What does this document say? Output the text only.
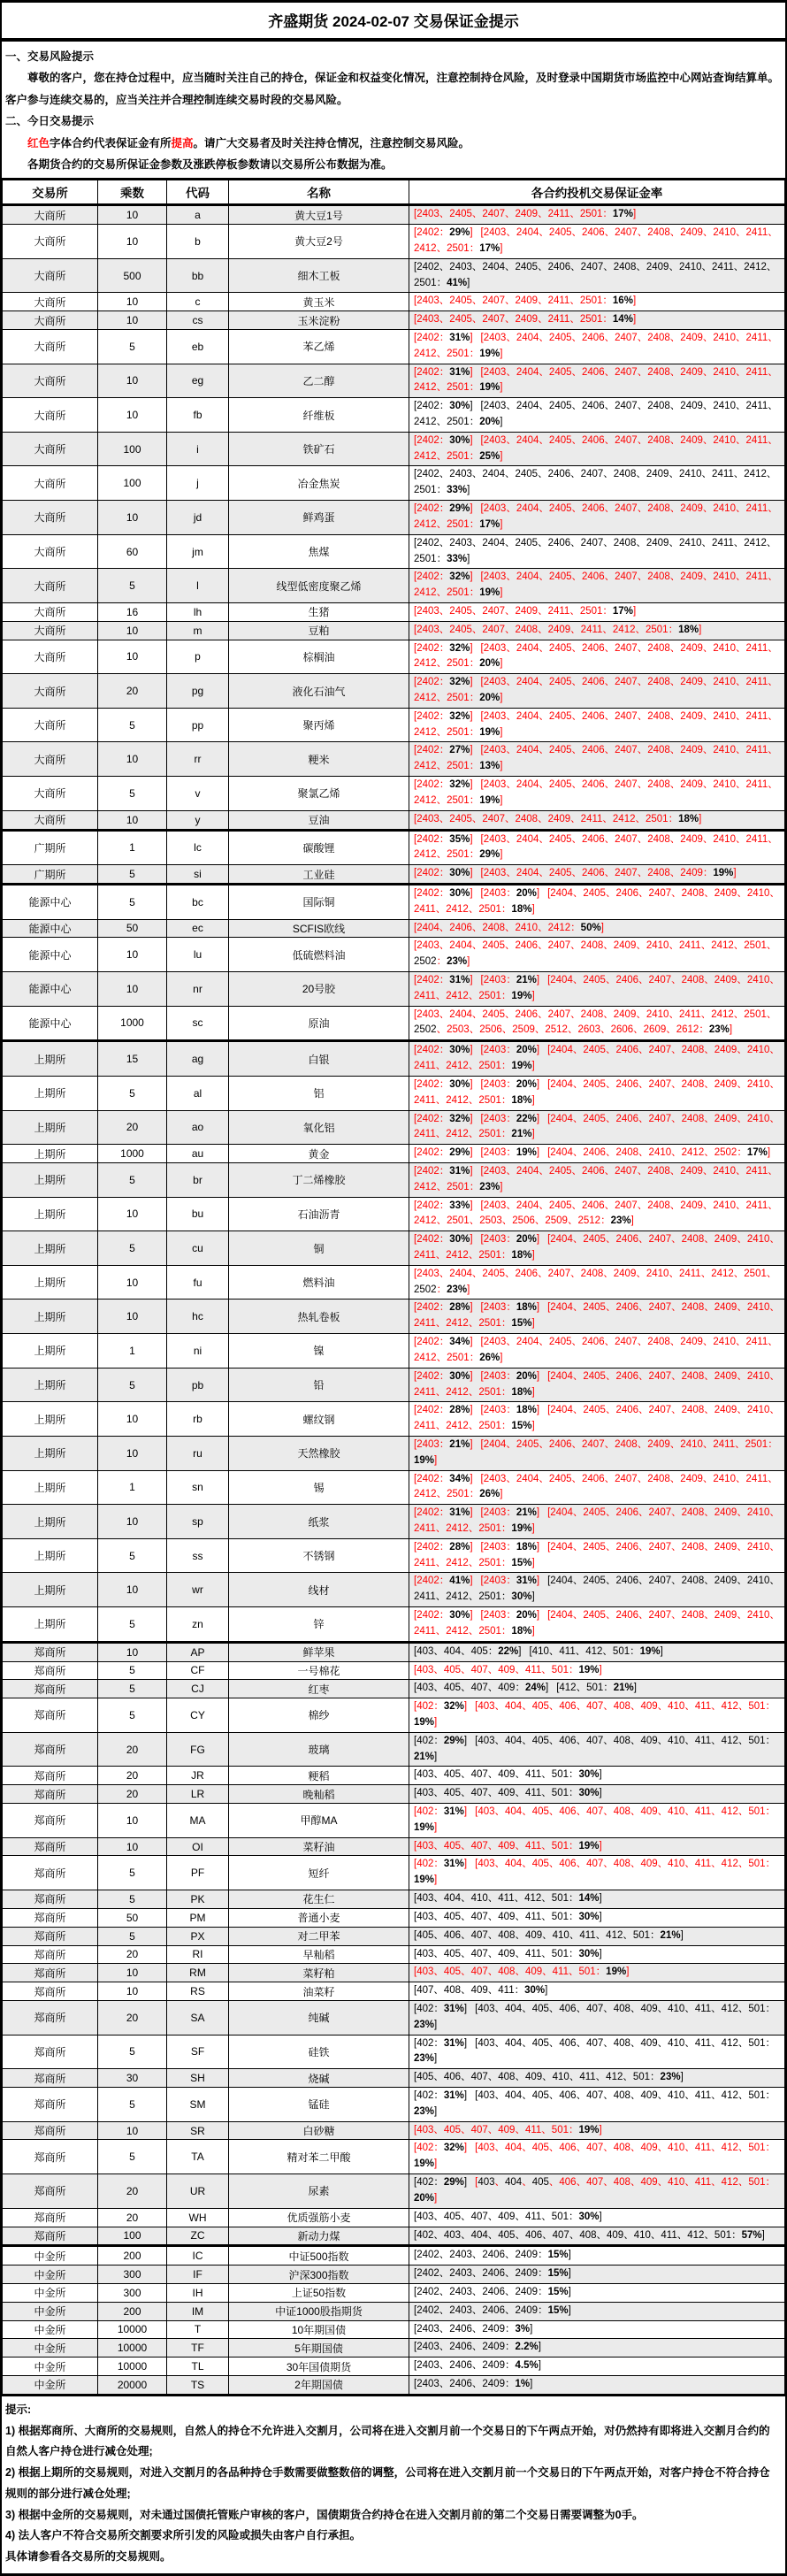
齐盛期货 2024-02-07 交易保证金提示

一、交易风险提示

尊敬的客户，您在持仓过程中，应当随时关注自己的持仓，保证金和权益变化情况，注意控制持仓风险，及时登录中国期货市场监控中心网站查询结算单。客户参与连续交易的，应当关注并合理控制连续交易时段的交易风险。

二、今日交易提示

红色字体合约代表保证金有所提高。请广大交易者及时关注持仓情况，注意控制交易风险。

各期货合约的交易所保证金参数及涨跌停板参数请以交易所公布数据为准。

交易所	乘数	代码	名称	各合约投机交易保证金率
大商所	10	a	黄大豆1号	[2403、2405、2407、2409、2411、2501：17%]
大商所	10	b	黄大豆2号	[2402：29%] [2403、2404、2405、2406、2407、2408、2409、2410、2411、2412、2501：17%]
大商所	500	bb	细木工板	[2402、2403、2404、2405、2406、2407、2408、2409、2410、2411、2412、2501：41%]
大商所	10	c	黄玉米	[2403、2405、2407、2409、2411、2501：16%]
大商所	10	cs	玉米淀粉	[2403、2405、2407、2409、2411、2501：14%]
大商所	5	eb	苯乙烯	[2402：31%] [2403、2404、2405、2406、2407、2408、2409、2410、2411、2412、2501：19%]
大商所	10	eg	乙二醇	[2402：31%] [2403、2404、2405、2406、2407、2408、2409、2410、2411、2412、2501：19%]
大商所	10	fb	纤维板	[2402：30%] [2403、2404、2405、2406、2407、2408、2409、2410、2411、2412、2501：20%]
大商所	100	i	铁矿石	[2402：30%] [2403、2404、2405、2406、2407、2408、2409、2410、2411、2412、2501：25%]
大商所	100	j	冶金焦炭	[2402、2403、2404、2405、2406、2407、2408、2409、2410、2411、2412、2501：33%]
大商所	10	jd	鲜鸡蛋	[2402：29%] [2403、2404、2405、2406、2407、2408、2409、2410、2411、2412、2501：17%]
大商所	60	jm	焦煤	[2402、2403、2404、2405、2406、2407、2408、2409、2410、2411、2412、2501：33%]
大商所	5	l	线型低密度聚乙烯	[2402：32%] [2403、2404、2405、2406、2407、2408、2409、2410、2411、2412、2501：19%]
大商所	16	lh	生猪	[2403、2405、2407、2409、2411、2501：17%]
大商所	10	m	豆粕	[2403、2405、2407、2408、2409、2411、2412、2501：18%]
大商所	10	p	棕榈油	[2402：32%] [2403、2404、2405、2406、2407、2408、2409、2410、2411、2412、2501：20%]
大商所	20	pg	液化石油气	[2402：32%] [2403、2404、2405、2406、2407、2408、2409、2410、2411、2412、2501：20%]
大商所	5	pp	聚丙烯	[2402：32%] [2403、2404、2405、2406、2407、2408、2409、2410、2411、2412、2501：19%]
大商所	10	rr	粳米	[2402：27%] [2403、2404、2405、2406、2407、2408、2409、2410、2411、2412、2501：13%]
大商所	5	v	聚氯乙烯	[2402：32%] [2403、2404、2405、2406、2407、2408、2409、2410、2411、2412、2501：19%]
大商所	10	y	豆油	[2403、2405、2407、2408、2409、2411、2412、2501：18%]
广期所	1	lc	碳酸锂	[2402：35%] [2403、2404、2405、2406、2407、2408、2409、2410、2411、2412、2501：29%]
广期所	5	si	工业硅	[2402：30%] [2403、2404、2405、2406、2407、2408、2409：19%]
能源中心	5	bc	国际铜	[2402：30%] [2403：20%] [2404、2405、2406、2407、2408、2409、2410、2411、2412、2501：18%]
能源中心	50	ec	SCFIS欧线	[2404、2406、2408、2410、2412：50%]
能源中心	10	lu	低硫燃料油	[2403、2404、2405、2406、2407、2408、2409、2410、2411、2412、2501、2502：23%]
能源中心	10	nr	20号胶	[2402：31%] [2403：21%] [2404、2405、2406、2407、2408、2409、2410、2411、2412、2501：19%]
能源中心	1000	sc	原油	[2403、2404、2405、2406、2407、2408、2409、2410、2411、2412、2501、2502、2503、2506、2509、2512、2603、2606、2609、2612：23%]
上期所	15	ag	白银	[2402：30%] [2403：20%] [2404、2405、2406、2407、2408、2409、2410、2411、2412、2501：19%]
上期所	5	al	铝	[2402：30%] [2403：20%] [2404、2405、2406、2407、2408、2409、2410、2411、2412、2501：18%]
上期所	20	ao	氧化铝	[2402：32%] [2403：22%] [2404、2405、2406、2407、2408、2409、2410、2411、2412、2501：21%]
上期所	1000	au	黄金	[2402：29%] [2403：19%] [2404、2406、2408、2410、2412、2502：17%]
上期所	5	br	丁二烯橡胶	[2402：31%] [2403、2404、2405、2406、2407、2408、2409、2410、2411、2412、2501：23%]
上期所	10	bu	石油沥青	[2402：33%] [2403、2404、2405、2406、2407、2408、2409、2410、2411、2412、2501、2503、2506、2509、2512：23%]
上期所	5	cu	铜	[2402：30%] [2403：20%] [2404、2405、2406、2407、2408、2409、2410、2411、2412、2501：18%]
上期所	10	fu	燃料油	[2403、2404、2405、2406、2407、2408、2409、2410、2411、2412、2501、2502：23%]
上期所	10	hc	热轧卷板	[2402：28%] [2403：18%] [2404、2405、2406、2407、2408、2409、2410、2411、2412、2501：15%]
上期所	1	ni	镍	[2402：34%] [2403、2404、2405、2406、2407、2408、2409、2410、2411、2412、2501：26%]
上期所	5	pb	铅	[2402：30%] [2403：20%] [2404、2405、2406、2407、2408、2409、2410、2411、2412、2501：18%]
上期所	10	rb	螺纹钢	[2402：28%] [2403：18%] [2404、2405、2406、2407、2408、2409、2410、2411、2412、2501：15%]
上期所	10	ru	天然橡胶	[2403：21%] [2404、2405、2406、2407、2408、2409、2410、2411、2501：19%]
上期所	1	sn	锡	[2402：34%] [2403、2404、2405、2406、2407、2408、2409、2410、2411、2412、2501：26%]
上期所	10	sp	纸浆	[2402：31%] [2403：21%] [2404、2405、2406、2407、2408、2409、2410、2411、2412、2501：19%]
上期所	5	ss	不锈钢	[2402：28%] [2403：18%] [2404、2405、2406、2407、2408、2409、2410、2411、2412、2501：15%]
上期所	10	wr	线材	[2402：41%] [2403：31%] [2404、2405、2406、2407、2408、2409、2410、2411、2412、2501：30%]
上期所	5	zn	锌	[2402：30%] [2403：20%] [2404、2405、2406、2407、2408、2409、2410、2411、2412、2501：18%]
郑商所	10	AP	鲜苹果	[403、404、405：22%] [410、411、412、501：19%]
郑商所	5	CF	一号棉花	[403、405、407、409、411、501：19%]
郑商所	5	CJ	红枣	[403、405、407、409：24%] [412、501：21%]
郑商所	5	CY	棉纱	[402：32%] [403、404、405、406、407、408、409、410、411、412、501：19%]
郑商所	20	FG	玻璃	[402：29%] [403、404、405、406、407、408、409、410、411、412、501：21%]
郑商所	20	JR	粳稻	[403、405、407、409、411、501：30%]
郑商所	20	LR	晚籼稻	[403、405、407、409、411、501：30%]
郑商所	10	MA	甲醇MA	[402：31%] [403、404、405、406、407、408、409、410、411、412、501：19%]
郑商所	10	OI	菜籽油	[403、405、407、409、411、501：19%]
郑商所	5	PF	短纤	[402：31%] [403、404、405、406、407、408、409、410、411、412、501：19%]
郑商所	5	PK	花生仁	[403、404、410、411、412、501：14%]
郑商所	50	PM	普通小麦	[403、405、407、409、411、501：30%]
郑商所	5	PX	对二甲苯	[405、406、407、408、409、410、411、412、501：21%]
郑商所	20	RI	早籼稻	[403、405、407、409、411、501：30%]
郑商所	10	RM	菜籽粕	[403、405、407、408、409、411、501：19%]
郑商所	10	RS	油菜籽	[407、408、409、411：30%]
郑商所	20	SA	纯碱	[402：31%] [403、404、405、406、407、408、409、410、411、412、501：23%]
郑商所	5	SF	硅铁	[402：31%] [403、404、405、406、407、408、409、410、411、412、501：23%]
郑商所	30	SH	烧碱	[405、406、407、408、409、410、411、412、501：23%]
郑商所	5	SM	锰硅	[402：31%] [403、404、405、406、407、408、409、410、411、412、501：23%]
郑商所	10	SR	白砂糖	[403、405、407、409、411、501：19%]
郑商所	5	TA	精对苯二甲酸	[402：32%] [403、404、405、406、407、408、409、410、411、412、501：19%]
郑商所	20	UR	尿素	[402：29%] [403、404、405、406、407、408、409、410、411、412、501：20%]
郑商所	20	WH	优质强筋小麦	[403、405、407、409、411、501：30%]
郑商所	100	ZC	新动力煤	[402、403、404、405、406、407、408、409、410、411、412、501：57%]
中金所	200	IC	中证500指数	[2402、2403、2406、2409：15%]
中金所	300	IF	沪深300指数	[2402、2403、2406、2409：15%]
中金所	300	IH	上证50指数	[2402、2403、2406、2409：15%]
中金所	200	IM	中证1000股指期货	[2402、2403、2406、2409：15%]
中金所	10000	T	10年期国债	[2403、2406、2409：3%]
中金所	10000	TF	5年期国债	[2403、2406、2409：2.2%]
中金所	10000	TL	30年国债期货	[2403、2406、2409：4.5%]
中金所	20000	TS	2年期国债	[2403、2406、2409：1%]
提示:
1) 根据郑商所、大商所的交易规则，自然人的持仓不允许进入交割月，公司将在进入交割月前一个交易日的下午两点开始，对仍然持有即将进入交割月合约的自然人客户持仓进行减仓处理;
2) 根据上期所的交易规则，对进入交割月的各品种持仓手数需要做整数倍的调整，公司将在进入交割月前一个交易日的下午两点开始，对客户持仓不符合持仓规则的部分进行减仓处理;
3) 根据中金所的交易规则，对未通过国债托管账户审核的客户，国债期货合约持仓在进入交割月前的第二个交易日需要调整为0手。
4) 法人客户不符合交易所交割要求所引发的风险或损失由客户自行承担。
具体请参看各交易所的交易规则。
